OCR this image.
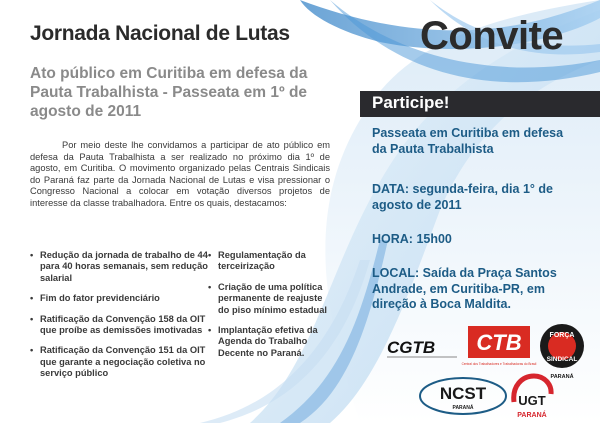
Jornada Nacional de Lutas	Convite
Ato público em Curitiba em defesa da Pauta Trabalhista - Passeata em 1º de agosto de 2011
Por meio deste lhe convidamos a participar de ato público em defesa da Pauta Trabalhista a ser realizado no próximo dia 1º de agosto, em Curitiba. O movimento organizado pelas Centrais Sindicais do Paraná faz parte da Jornada Nacional de Lutas e visa pressionar o Congresso Nacional a colocar em votação diversos projetos de interesse da classe trabalhadora. Entre os quais, destacamos:
• Redução da jornada de trabalho de 44 para 40 horas semanais, sem redução salarial
• Fim do fator previdenciário
• Ratificação da Convenção 158 da OIT que proíbe as demissões imotivadas
• Ratificação da Convenção 151 da OIT que garante a negociação coletiva no serviço público
• Regulamentação da terceirização
• Criação de uma política permanente de reajuste do piso mínimo estadual
• Implantação efetiva da Agenda do Trabalho Decente no Paraná.
Participe!
Passeata em Curitiba em defesa da Pauta Trabalhista
DATA: segunda-feira, dia 1° de agosto de 2011
HORA: 15h00
LOCAL: Saída da Praça Santos Andrade, em Curitiba-PR, em direção à Boca Maldita.
CGTB CTB
Central dos Trabalhadores e Trabalhadoras do Brasil
FORÇA
SINDICAL
PARANÁ
NCST
PARANÁ	UGT
PARANÁ
